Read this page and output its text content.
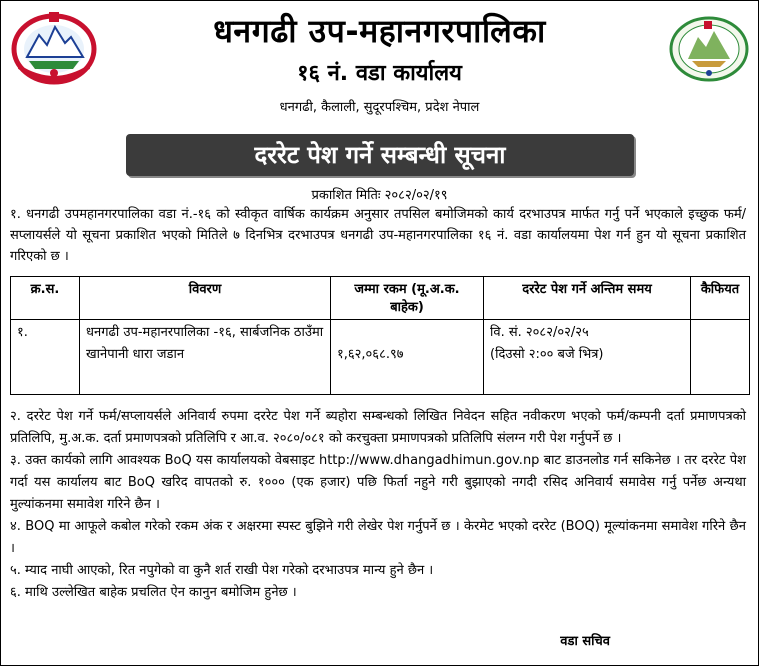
धनगढी उप-महानगरपालिका
१६ नं. वडा कार्यालय
धनगढी, कैलाली, सुदूरपश्चिम, प्रदेश नेपाल
दररेट पेश गर्ने सम्बन्धी सूचना
प्रकाशित मितिः २०८२/०२/१९
१. धनगढी उपमहानगरपालिका वडा नं.-१६ को स्वीकृत वार्षिक कार्यक्रम अनुसार तपसिल बमोजिमको कार्य दरभाउपत्र मार्फत गर्नु पर्ने भएकाले इच्छुक फर्म/सप्लायर्सले यो सूचना प्रकाशित भएको मितिले ७ दिनभित्र दरभाउपत्र धनगढी उप-महानगरपालिका १६ नं. वडा कार्यालयमा पेश गर्न हुन यो सूचना प्रकाशित गरिएको छ ।
क्र.स.	विवरण	जम्मा रकम (मू.अ.क. बाहेक)	दररेट पेश गर्ने अन्तिम समय	कैफियत
१.	धनगढी उप-महानरपालिका -१६, सार्बजनिक ठाउँमा खानेपानी धारा जडान	१,६२,०६८.९७	वि. सं. २०८२/०२/२५
(दिउसो २:०० बजे भित्र)	

२. दररेट पेश गर्ने फर्म/सप्लायर्सले अनिवार्य रुपमा दररेट पेश गर्ने ब्यहोरा सम्बन्धको लिखित निवेदन सहित नवीकरण भएको फर्म/कम्पनी दर्ता प्रमाणपत्रको प्रतिलिपि, मु.अ.क. दर्ता प्रमाणपत्रको प्रतिलिपि र आ.व. २०८०/०८१ को करचुक्ता प्रमाणपत्रको प्रतिलिपि संलग्न गरी पेश गर्नुपर्ने छ ।

३. उक्त कार्यको लागि आवश्यक BoQ यस कार्यालयको वेबसाइट http://www.dhangadhimun.gov.np बाट डाउनलोड गर्न सकिनेछ । तर दररेट पेश गर्दा यस कार्यालय बाट BoQ खरिद वापतको रु. १००० (एक हजार) पछि फिर्ता नहुने गरी बुझाएको नगदी रसिद अनिवार्य समावेस गर्नु पर्नेछ अन्यथा मुल्यांकनमा समावेश गरिने छैन ।

४. BOQ मा आफूले कबोल गरेको रकम अंक र अक्षरमा स्पस्ट बुझिने गरी लेखेर पेश गर्नुपर्ने छ । केरमेट भएको दररेट (BOQ) मूल्यांकनमा समावेश गरिने छैन ।

५. म्याद नाघी आएको, रित नपुगेको वा कुनै शर्त राखी पेश गरेको दरभाउपत्र मान्य हुने छैन ।

६. माथि उल्लेखित बाहेक प्रचलित ऐन कानुन बमोजिम हुनेछ ।

वडा सचिव
